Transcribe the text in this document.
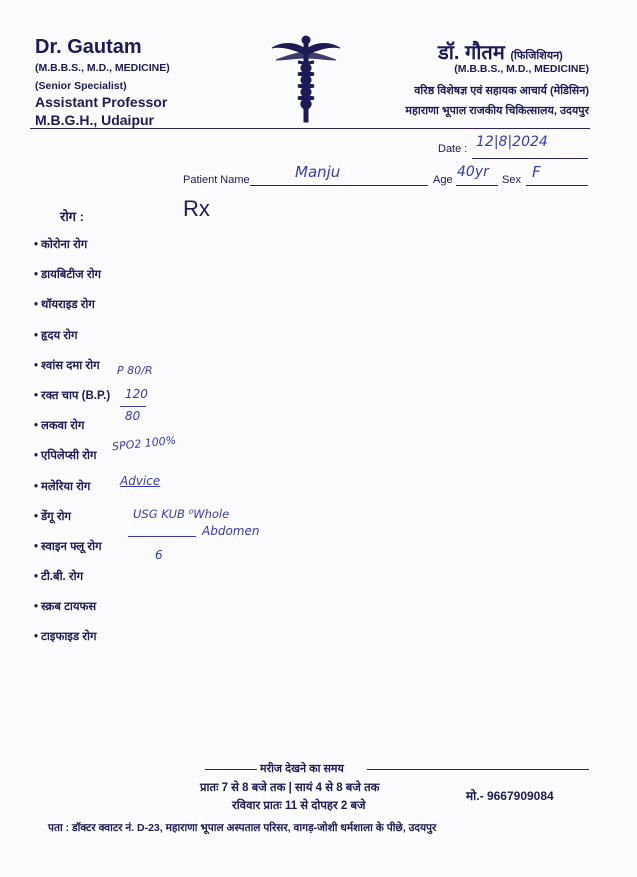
Dr. Gautam
(M.B.B.S., M.D., MEDICINE)
(Senior Specialist)
Assistant Professor
M.B.G.H., Udaipur
डॉ. गौतम (फिजिशियन)
(M.B.B.S., M.D., MEDICINE)
वरिष्ठ विशेषज्ञ एवं सहायक आचार्य (मेडिसिन)
महाराणा भूपाल राजकीय चिकित्सालय, उदयपुर
Date : 12|8|2024
Patient Name	Manju	Age 40yr Sex F
Rx
रोग :
• कोरोना रोग
• डायबिटीज रोग
• थॉयराइड रोग
• हृदय रोग
• श्वांस दमा रोग
• रक्त चाप (B.P.)
• लकवा रोग
• एपिलेप्सी रोग
• मलेरिया रोग
• डेंगू रोग
• स्वाइन फ्लू रोग
• टी.बी. रोग
• स्क्रब टायफस
• टाइफाइड रोग
P 80/R
120
80
SPO2 100%
Advice
USG KUB ⁰Whole
Abdomen
6
मरीज देखने का समय
प्रातः 7 से 8 बजे तक | सायं 4 से 8 बजे तक
रविवार प्रातः 11 से दोपहर 2 बजे
मो.- 9667909084
पता : डॉक्टर क्वाटर नं. D-23, महाराणा भूपाल अस्पताल परिसर, वागड़-जोशी धर्मशाला के पीछे, उदयपुर
